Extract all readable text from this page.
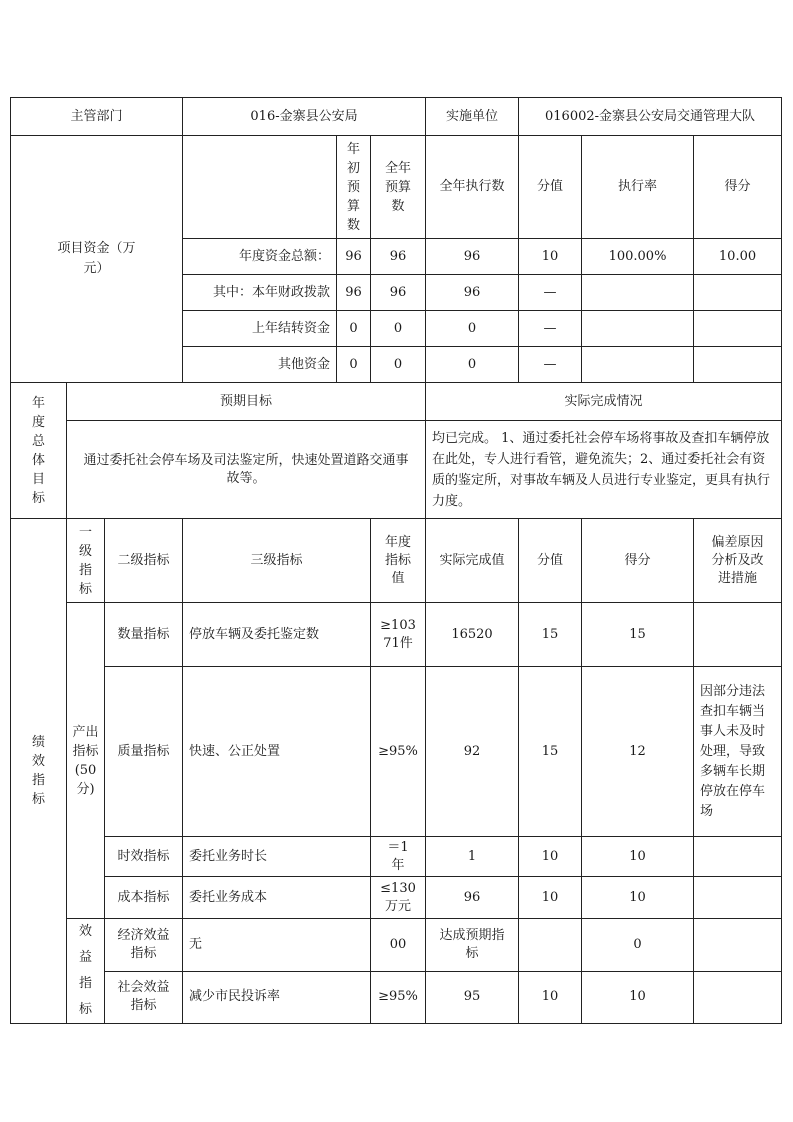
主管部门			016-金寨县公安局			实施单位	016002-金寨县公安局交通管理大队		

项目资金（万元）				年初预算数	全年预算数	全年执行数	分值	执行率	得分
			年度资金总额：	96	96	96	10	100.00%	10.00
			其中：本年财政拨款	96	96	96	—		
			上年结转资金	0	0	0	—		
			其他资金	0	0	0	—		

年度总体目标	预期目标					实际完成情况			

	通过委托社会停车场及司法鉴定所，快速处置道路交通事故等。					均已完成。 1、通过委托社会停车场将事故及查扣车辆停放在此处，专人进行看管，避免流失；2、通过委托社会有资质的鉴定所，对事故车辆及人员进行专业鉴定，更具有执行力度。			

绩效指标	一级指标	二级指标	三级指标		年度指标值	实际完成值	分值	得分	偏差原因分析及改进措施

	产出指标(50分)	数量指标	停放车辆及委托鉴定数		≥10371件	16520	15	15	
		质量指标	快速、公正处置		≥95%	92	15	12	因部分违法查扣车辆当事人未及时处理，导致多辆车长期停放在停车场

		时效指标	委托业务时长		＝1年	1	10	10	
		成本指标	委托业务成本		≤130万元	96	10	10	

	效益指标	经济效益指标	无		00	达成预期指标		0	

		社会效益指标	减少市民投诉率		≥95%	95	10	10	
